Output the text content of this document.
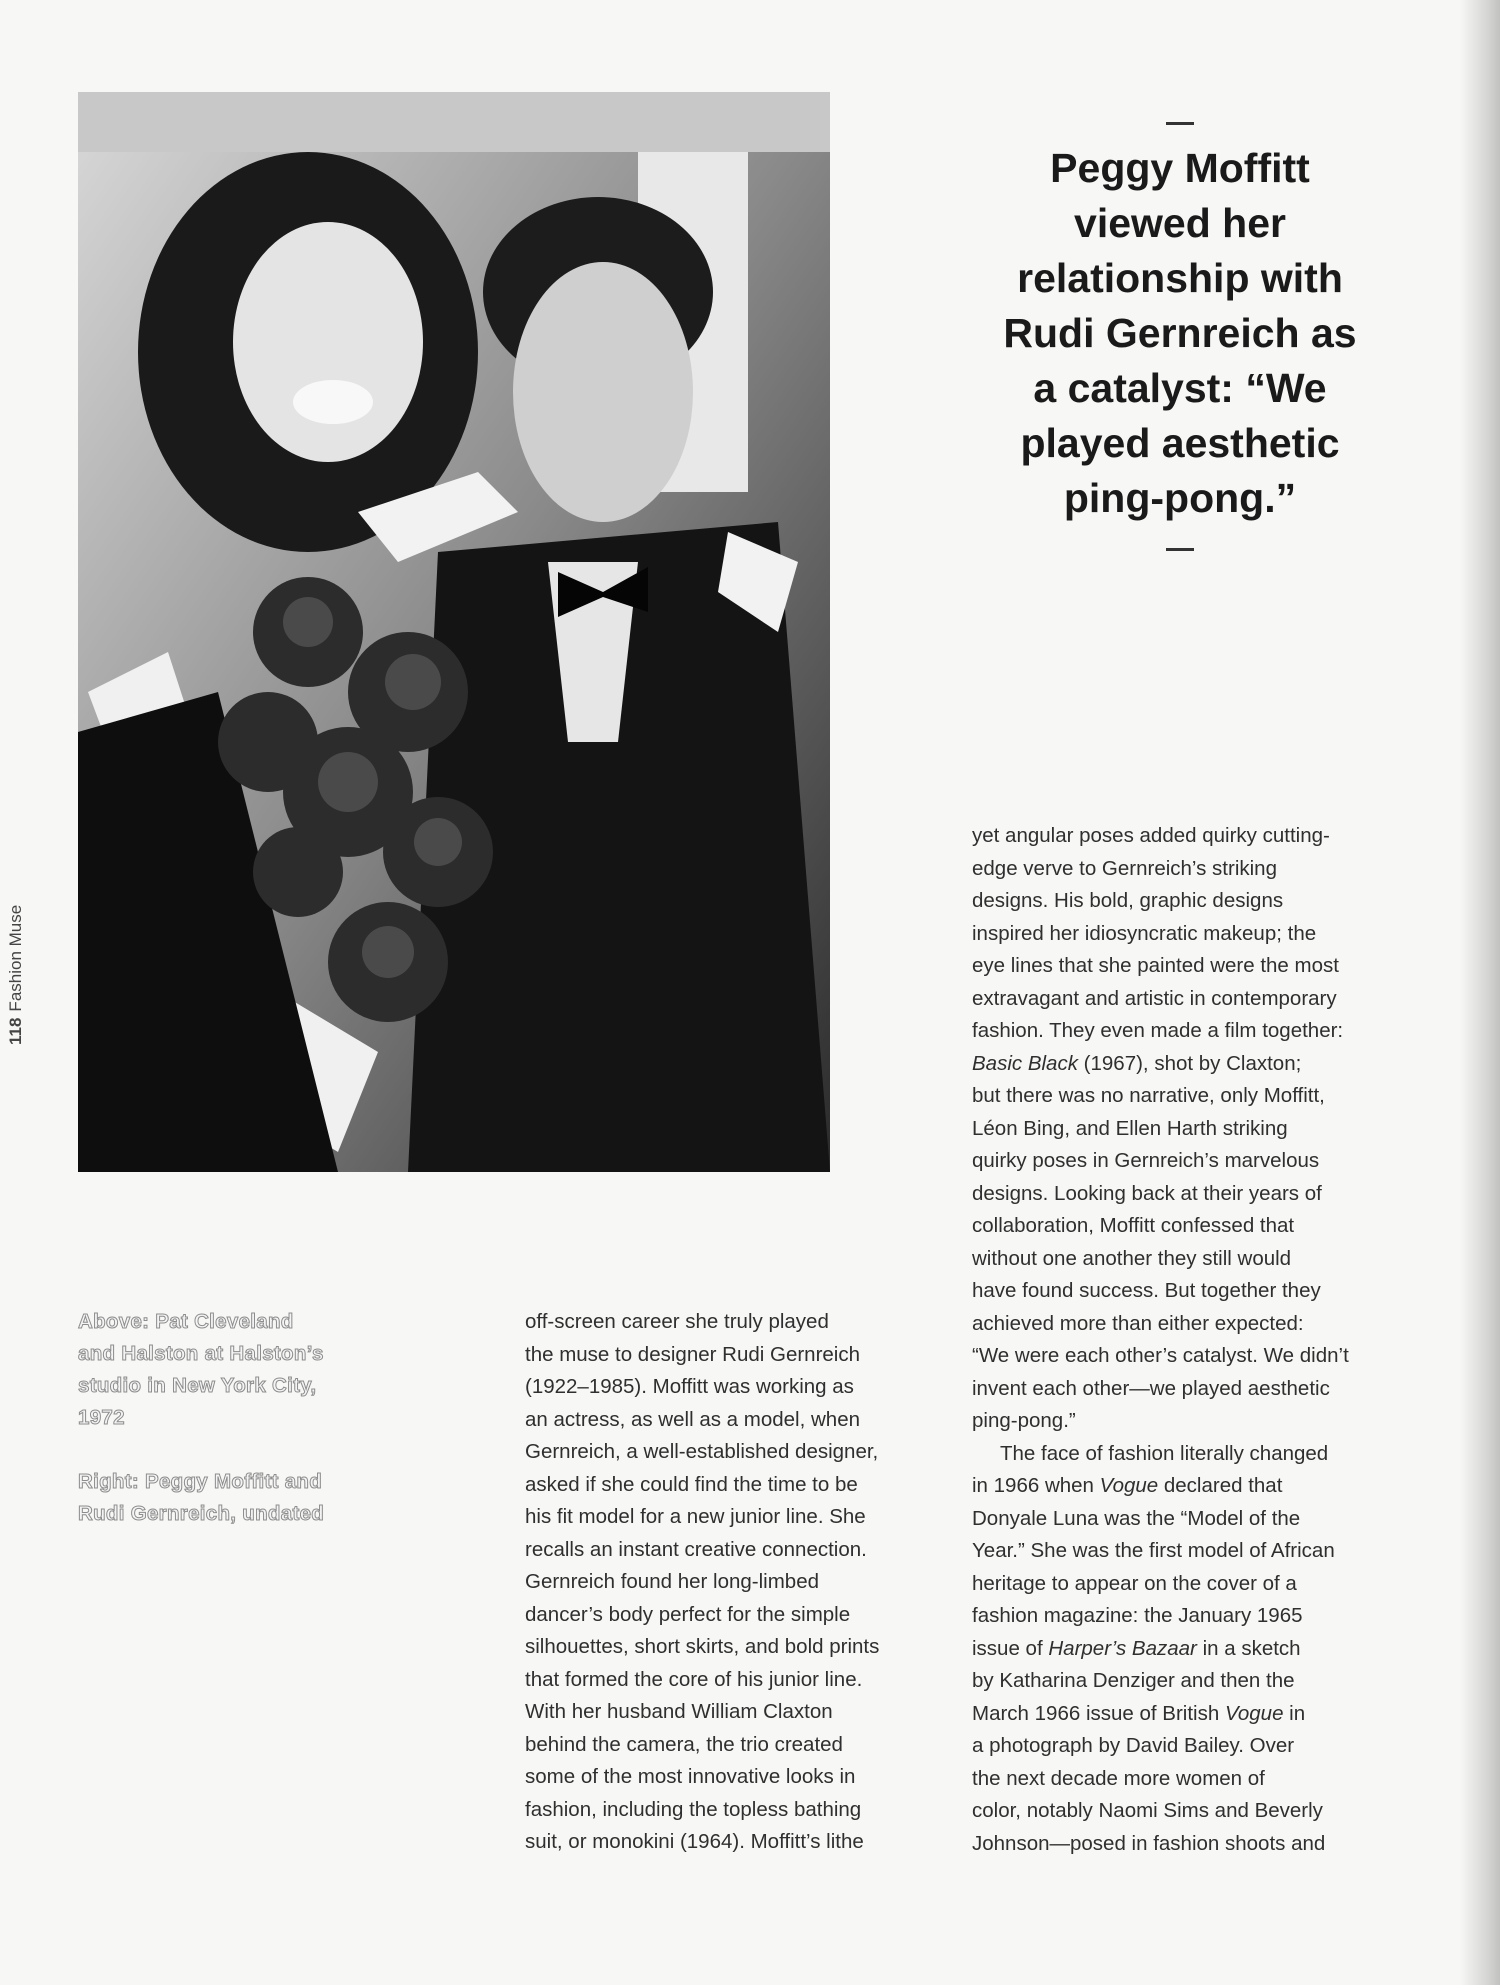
Peggy Moffitt
viewed her
relationship with
Rudi Gernreich as
a catalyst: “We
played aesthetic
ping-pong.”
118Fashion Muse

Above: Pat Cleveland
and Halston at Halston’s
studio in New York City,
1972

Right: Peggy Moffitt and
Rudi Gernreich, undated

off-screen career she truly played
the muse to designer Rudi Gernreich
(1922–1985). Moffitt was working as
an actress, as well as a model, when
Gernreich, a well-established designer,
asked if she could find the time to be
his fit model for a new junior line. She
recalls an instant creative connection.
Gernreich found her long-limbed
dancer’s body perfect for the simple
silhouettes, short skirts, and bold prints
that formed the core of his junior line.
With her husband William Claxton
behind the camera, the trio created
some of the most innovative looks in
fashion, including the topless bathing
suit, or monokini (1964). Moffitt’s lithe
yet angular poses added quirky cutting-
edge verve to Gernreich’s striking
designs. His bold, graphic designs
inspired her idiosyncratic makeup; the
eye lines that she painted were the most
extravagant and artistic in contemporary
fashion. They even made a film together:
Basic Black (1967), shot by Claxton;
but there was no narrative, only Moffitt,
Léon Bing, and Ellen Harth striking
quirky poses in Gernreich’s marvelous
designs. Looking back at their years of
collaboration, Moffitt confessed that
without one another they still would
have found success. But together they
achieved more than either expected:
“We were each other’s catalyst. We didn’t
invent each other—we played aesthetic
ping-pong.”
The face of fashion literally changed
in 1966 when Vogue declared that
Donyale Luna was the “Model of the
Year.” She was the first model of African
heritage to appear on the cover of a
fashion magazine: the January 1965
issue of Harper’s Bazaar in a sketch
by Katharina Denziger and then the
March 1966 issue of British Vogue in
a photograph by David Bailey. Over
the next decade more women of
color, notably Naomi Sims and Beverly
Johnson—posed in fashion shoots and
